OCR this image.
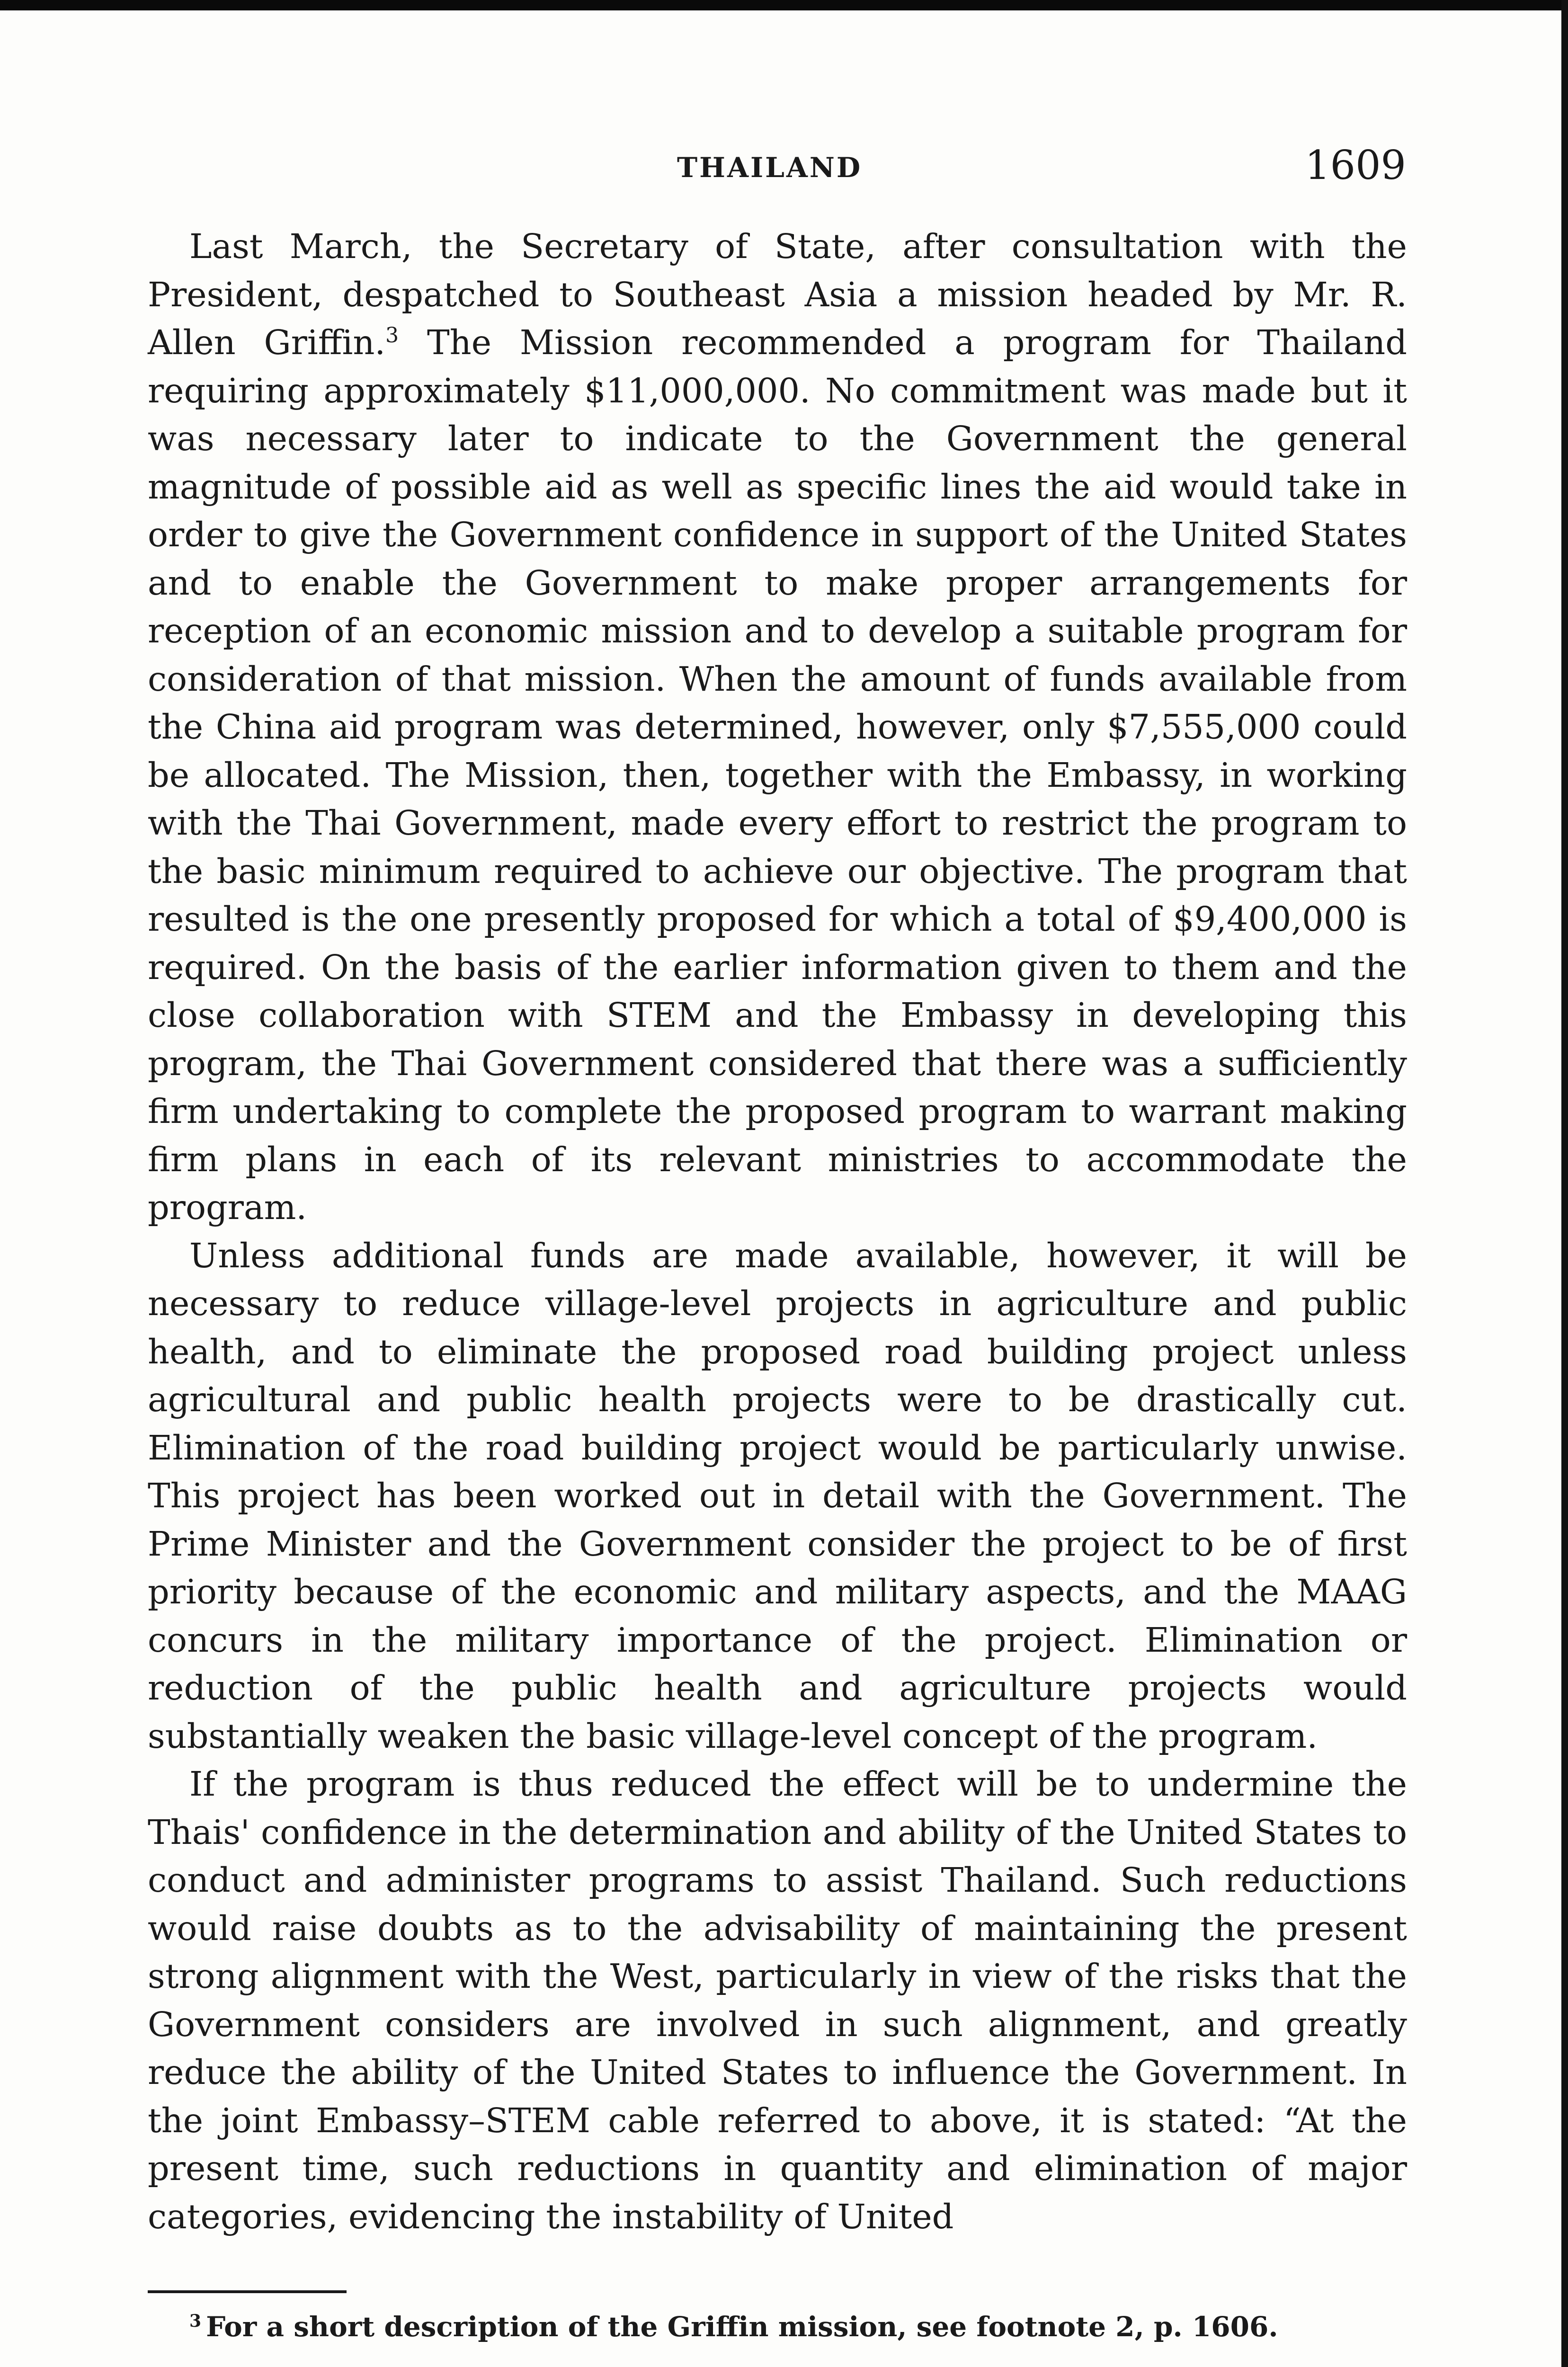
THAILAND	1609

Last March, the Secretary of State, after consultation with the President, despatched to Southeast Asia a mission headed by Mr. R. Allen Griffin.$^3$ The Mission recommended a program for Thailand requiring approximately $11,000,000. No commitment was made but it was necessary later to indicate to the Government the general magnitude of possible aid as well as specific lines the aid would take in order to give the Government confidence in support of the United States and to enable the Government to make proper arrangements for reception of an economic mission and to develop a suitable program for consideration of that mission. When the amount of funds available from the China aid program was determined, however, only $7,555,000 could be allocated. The Mission, then, together with the Embassy, in working with the Thai Government, made every effort to restrict the program to the basic minimum required to achieve our objective. The program that resulted is the one presently proposed for which a total of $9,400,000 is required. On the basis of the earlier information given to them and the close collaboration with STEM and the Embassy in developing this program, the Thai Government considered that there was a sufficiently firm undertaking to complete the proposed program to warrant making firm plans in each of its relevant ministries to accommodate the program.

Unless additional funds are made available, however, it will be necessary to reduce village-level projects in agriculture and public health, and to eliminate the proposed road building project unless agricultural and public health projects were to be drastically cut. Elimination of the road building project would be particularly unwise. This project has been worked out in detail with the Government. The Prime Minister and the Government consider the project to be of first priority because of the economic and military aspects, and the MAAG concurs in the military importance of the project. Elimination or reduction of the public health and agriculture projects would substantially weaken the basic village-level concept of the program.

If the program is thus reduced the effect will be to undermine the Thais' confidence in the determination and ability of the United States to conduct and administer programs to assist Thailand. Such reductions would raise doubts as to the advisability of maintaining the present strong alignment with the West, particularly in view of the risks that the Government considers are involved in such alignment, and greatly reduce the ability of the United States to influence the Government. In the joint Embassy–STEM cable referred to above, it is stated: “At the present time, such reductions in quantity and elimination of major categories, evidencing the instability of United

$^3$ For a short description of the Griffin mission, see footnote 2, p. 1606.
